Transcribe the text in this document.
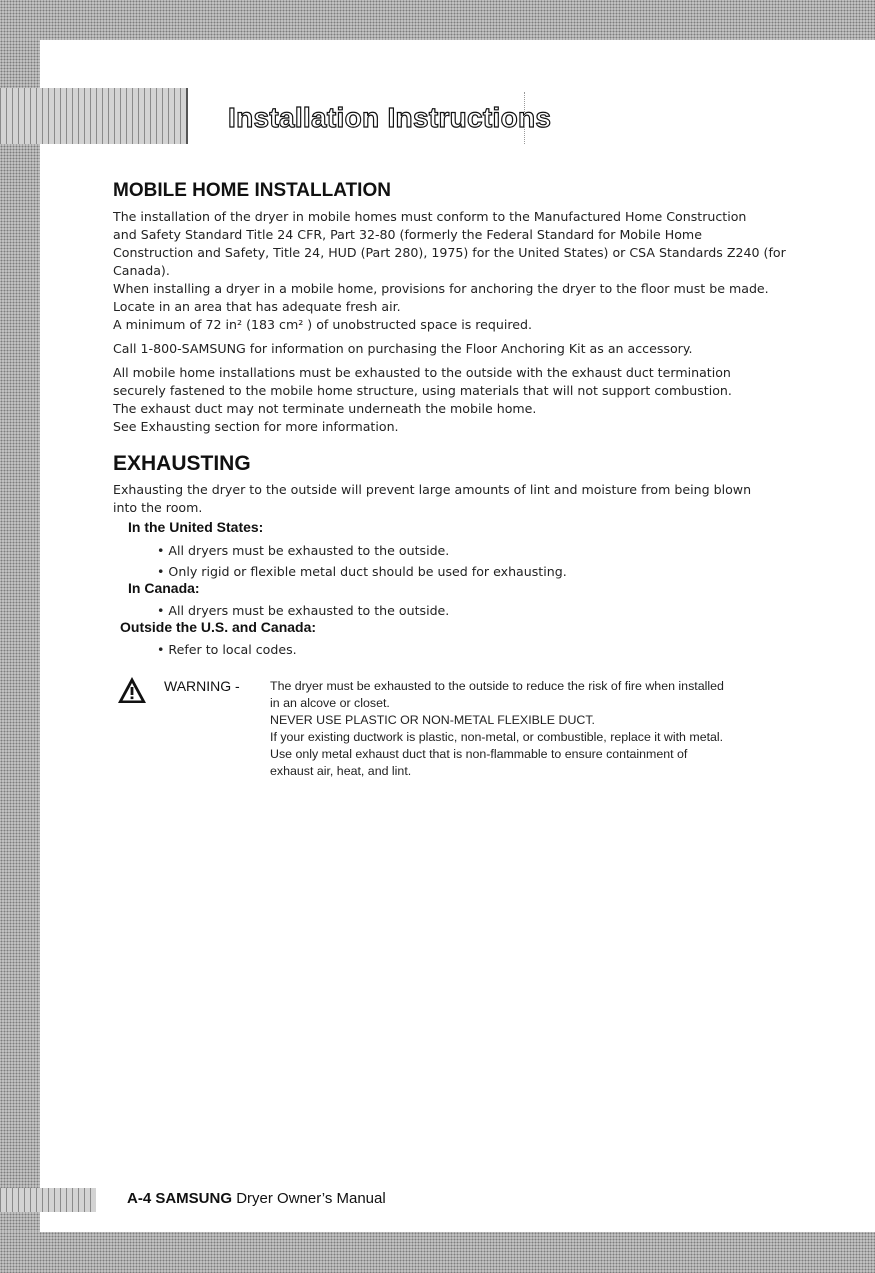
Installation Instructions
MOBILE HOME INSTALLATION

The installation of the dryer in mobile homes must conform to the Manufactured Home Construction

and Safety Standard Title 24 CFR, Part 32-80 (formerly the Federal Standard for Mobile Home

Construction and Safety, Title 24, HUD (Part 280), 1975) for the United States) or CSA Standards Z240 (for

Canada).

When installing a dryer in a mobile home, provisions for anchoring the dryer to the floor must be made.

Locate in an area that has adequate fresh air.

A minimum of 72 in² (183 cm² ) of unobstructed space is required.

Call 1-800-SAMSUNG for information on purchasing the Floor Anchoring Kit as an accessory.

All mobile home installations must be exhausted to the outside with the exhaust duct termination

securely fastened to the mobile home structure, using materials that will not support combustion.

The exhaust duct may not terminate underneath the mobile home.

See Exhausting section for more information.

EXHAUSTING

Exhausting the dryer to the outside will prevent large amounts of lint and moisture from being blown

into the room.

In the United States:
• All dryers must be exhausted to the outside.
• Only rigid or flexible metal duct should be used for exhausting.
In Canada:
• All dryers must be exhausted to the outside.
Outside the U.S. and Canada:
• Refer to local codes.
WARNING - The dryer must be exhausted to the outside to reduce the risk of fire when installed
in an alcove or closet.
NEVER USE PLASTIC OR NON-METAL FLEXIBLE DUCT.
If your existing ductwork is plastic, non-metal, or combustible, replace it with metal.
Use only metal exhaust duct that is non-flammable to ensure containment of
exhaust air, heat, and lint.
A-4 SAMSUNG Dryer Owner’s Manual
